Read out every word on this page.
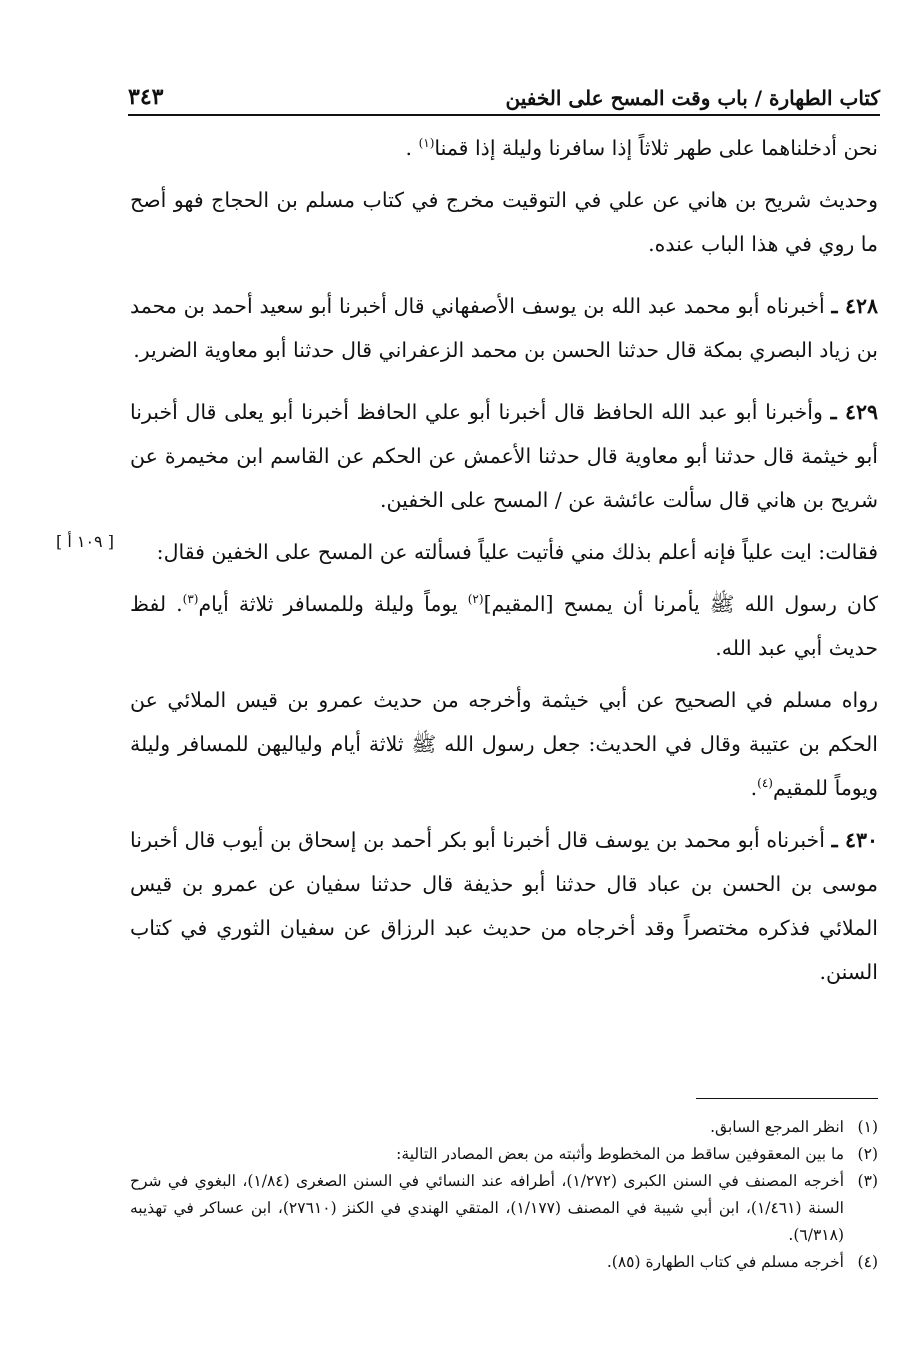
كتاب الطهارة / باب وقت المسح على الخفين
٣٤٣

نحن أدخلناهما على طهر ثلاثاً إذا سافرنا وليلة إذا قمنا$^{(١)}$ .

وحديث شريح بن هاني عن علي في التوقيت مخرج في كتاب مسلم بن الحجاج فهو أصح ما روي في هذا الباب عنده.

٤٢٨ ـ أخبرناه أبو محمد عبد الله بن يوسف الأصفهاني قال أخبرنا أبو سعيد أحمد بن محمد بن زياد البصري بمكة قال حدثنا الحسن بن محمد الزعفراني قال حدثنا أبو معاوية الضرير.

٤٢٩ ـ وأخبرنا أبو عبد الله الحافظ قال أخبرنا أبو علي الحافظ أخبرنا أبو يعلى قال أخبرنا أبو خيثمة قال حدثنا أبو معاوية قال حدثنا الأعمش عن الحكم عن القاسم ابن مخيمرة عن شريح بن هاني قال سألت عائشة عن / المسح على الخفين.

فقالت: ايت علياً فإنه أعلم بذلك مني فأتيت علياً فسألته عن المسح على الخفين فقال:

كان رسول الله ﷺ يأمرنا أن يمسح [المقيم]$^{(٢)}$ يوماً وليلة وللمسافر ثلاثة أيام$^{(٣)}$. لفظ حديث أبي عبد الله.

رواه مسلم في الصحيح عن أبي خيثمة وأخرجه من حديث عمرو بن قيس الملائي عن الحكم بن عتيبة وقال في الحديث: جعل رسول الله ﷺ ثلاثة أيام ولياليهن للمسافر وليلة ويوماً للمقيم$^{(٤)}$.

٤٣٠ ـ أخبرناه أبو محمد بن يوسف قال أخبرنا أبو بكر أحمد بن إسحاق بن أيوب قال أخبرنا موسى بن الحسن بن عباد قال حدثنا أبو حذيفة قال حدثنا سفيان عن عمرو بن قيس الملائي فذكره مختصراً وقد أخرجاه من حديث عبد الرزاق عن سفيان الثوري في كتاب السنن.

[ ١٠٩ أ ]
(١)
انظر المرجع السابق.
(٢)
ما بين المعقوفين ساقط من المخطوط وأثبته من بعض المصادر التالية:
(٣)
أخرجه المصنف في السنن الكبرى (١/٢٧٢)، أطرافه عند النسائي في السنن الصغرى (١/٨٤)، البغوي في شرح السنة (١/٤٦١)، ابن أبي شيبة في المصنف (١/١٧٧)، المتقي الهندي في الكنز (٢٧٦١٠)، ابن عساكر في تهذيبه (٦/٣١٨).
(٤)
أخرجه مسلم في كتاب الطهارة (٨٥).
